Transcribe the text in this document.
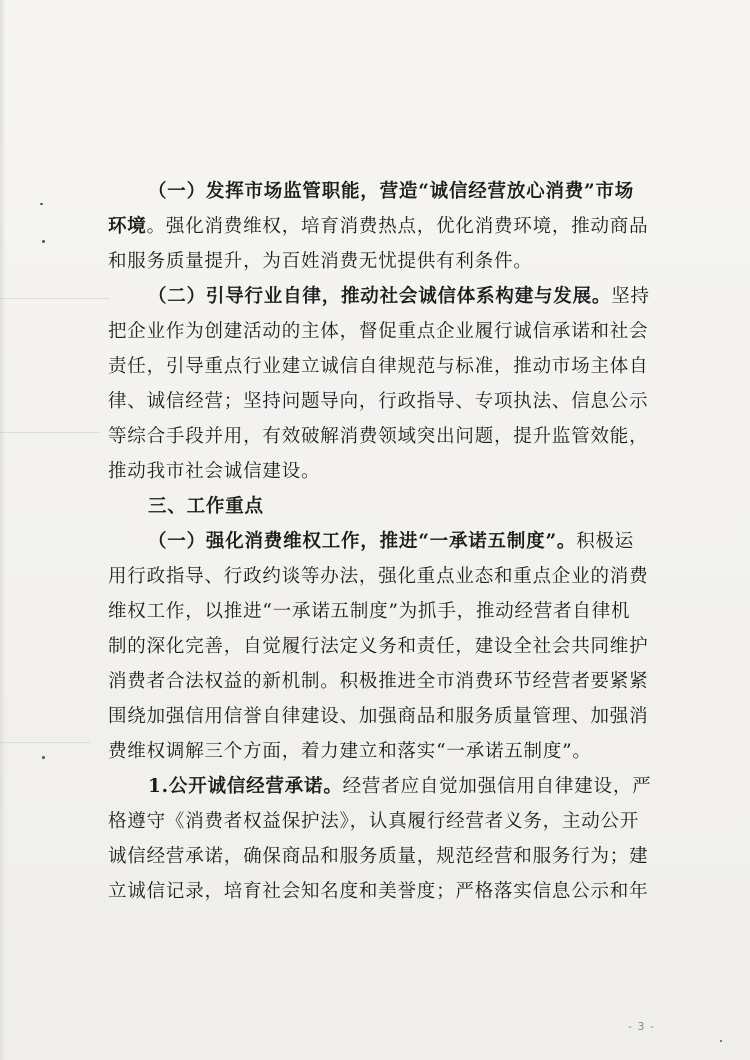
（一）发挥市场监管职能，营造“诚信经营放心消费”市场
环境。强化消费维权，培育消费热点，优化消费环境，推动商品
和服务质量提升，为百姓消费无忧提供有利条件。
（二）引导行业自律，推动社会诚信体系构建与发展。坚持
把企业作为创建活动的主体，督促重点企业履行诚信承诺和社会
责任，引导重点行业建立诚信自律规范与标准，推动市场主体自
律、诚信经营；坚持问题导向，行政指导、专项执法、信息公示
等综合手段并用，有效破解消费领域突出问题，提升监管效能，
推动我市社会诚信建设。
三、工作重点
（一）强化消费维权工作，推进“一承诺五制度”。积极运
用行政指导、行政约谈等办法，强化重点业态和重点企业的消费
维权工作，以推进“一承诺五制度”为抓手，推动经营者自律机
制的深化完善，自觉履行法定义务和责任，建设全社会共同维护
消费者合法权益的新机制。积极推进全市消费环节经营者要紧紧
围绕加强信用信誉自律建设、加强商品和服务质量管理、加强消
费维权调解三个方面，着力建立和落实“一承诺五制度”。
1.公开诚信经营承诺。经营者应自觉加强信用自律建设，严
格遵守《消费者权益保护法》，认真履行经营者义务，主动公开
诚信经营承诺，确保商品和服务质量，规范经营和服务行为；建
立诚信记录，培育社会知名度和美誉度；严格落实信息公示和年
- 3 -
